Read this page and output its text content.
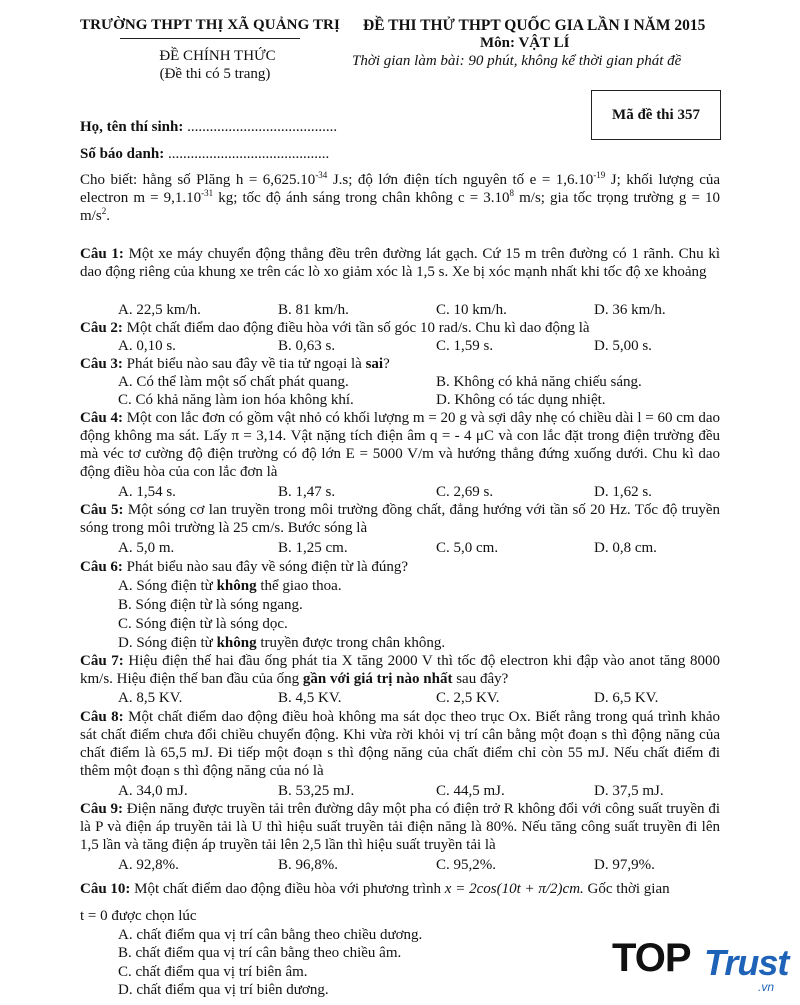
TRƯỜNG THPT THỊ XÃ QUẢNG TRỊ
ĐỀ CHÍNH THỨC
(Đề thi có 5 trang)
ĐỀ THI THỬ THPT QUỐC GIA LẦN I NĂM 2015
Môn: VẬT LÍ
Thời gian làm bài: 90 phút, không kể thời gian phát đề
Mã đề thi 357
Họ, tên thí sinh: ........................................
Số báo danh: ...........................................
Cho biết: hằng số Plăng $h = 6,625.10^{-34}$ J.s; độ lớn điện tích nguyên tố $e = 1,6.10^{-19}$ J; khối lượng của electron $m = 9,1.10^{-31}$ kg; tốc độ ánh sáng trong chân không $c = 3.10^8$ m/s; gia tốc trọng trường g = 10 $m/s^2$.
Câu 1: Một xe máy chuyển động thẳng đều trên đường lát gạch. Cứ 15 m trên đường có 1 rãnh. Chu kì dao động riêng của khung xe trên các lò xo giảm xóc là 1,5 s. Xe bị xóc mạnh nhất khi tốc độ xe khoảng
A. 22,5 km/h.	B. 81 km/h.	C. 10 km/h.	D. 36 km/h.
Câu 2: Một chất điểm dao động điều hòa với tần số góc 10 rad/s. Chu kì dao động là
A. 0,10 s.	B. 0,63 s.	C. 1,59 s.	D. 5,00 s.
Câu 3: Phát biểu nào sau đây về tia tử ngoại là sai?
A. Có thể làm một số chất phát quang.	B. Không có khả năng chiếu sáng.
C. Có khả năng làm ion hóa không khí.	D. Không có tác dụng nhiệt.
Câu 4: Một con lắc đơn có gồm vật nhỏ có khối lượng m = 20 g và sợi dây nhẹ có chiều dài l = 60 cm dao động không ma sát. Lấy π = 3,14. Vật nặng tích điện âm q = - 4 μC và con lắc đặt trong điện trường đều mà véc tơ cường độ điện trường có độ lớn E = 5000 V/m và hướng thẳng đứng xuống dưới. Chu kì dao động điều hòa của con lắc đơn là
A. 1,54 s.	B. 1,47 s.	C. 2,69 s.	D. 1,62 s.
Câu 5: Một sóng cơ lan truyền trong môi trường đồng chất, đẳng hướng với tần số 20 Hz. Tốc độ truyền sóng trong môi trường là 25 cm/s. Bước sóng là
A. 5,0 m.	B. 1,25 cm.	C. 5,0 cm.	D. 0,8 cm.
Câu 6: Phát biểu nào sau đây về sóng điện từ là đúng?
A. Sóng điện từ không thể giao thoa.
B. Sóng điện từ là sóng ngang.
C. Sóng điện từ là sóng dọc.
D. Sóng điện từ không truyền được trong chân không.
Câu 7: Hiệu điện thế hai đầu ống phát tia X tăng 2000 V thì tốc độ electron khi đập vào anot tăng 8000 km/s. Hiệu điện thế ban đầu của ống gần với giá trị nào nhất sau đây?
A. 8,5 KV.	B. 4,5 KV.	C. 2,5 KV.	D. 6,5 KV.
Câu 8: Một chất điểm dao động điều hoà không ma sát dọc theo trục Ox. Biết rằng trong quá trình khảo sát chất điểm chưa đổi chiều chuyển động. Khi vừa rời khỏi vị trí cân bằng một đoạn s thì động năng của chất điểm là 65,5 mJ. Đi tiếp một đoạn s thì động năng của chất điểm chỉ còn 55 mJ. Nếu chất điểm đi thêm một đoạn s thì động năng của nó là
A. 34,0 mJ.	B. 53,25 mJ.	C. 44,5 mJ.	D. 37,5 mJ.
Câu 9: Điện năng được truyền tải trên đường dây một pha có điện trở R không đổi với công suất truyền đi là P và điện áp truyền tải là U thì hiệu suất truyền tải điện năng là 80%. Nếu tăng công suất truyền đi lên 1,5 lần và tăng điện áp truyền tải lên 2,5 lần thì hiệu suất truyền tải là
A. 92,8%.	B. 96,8%.	C. 95,2%.	D. 97,9%.
Câu 10: Một chất điểm dao động điều hòa với phương trình x = 2cos(10t + π/2)cm. Gốc thời gian
t = 0 được chọn lúc
A. chất điểm qua vị trí cân bằng theo chiều dương.
B. chất điểm qua vị trí cân bằng theo chiều âm.
C. chất điểm qua vị trí biên âm.
D. chất điểm qua vị trí biên dương.
TOP Trust
.vn
